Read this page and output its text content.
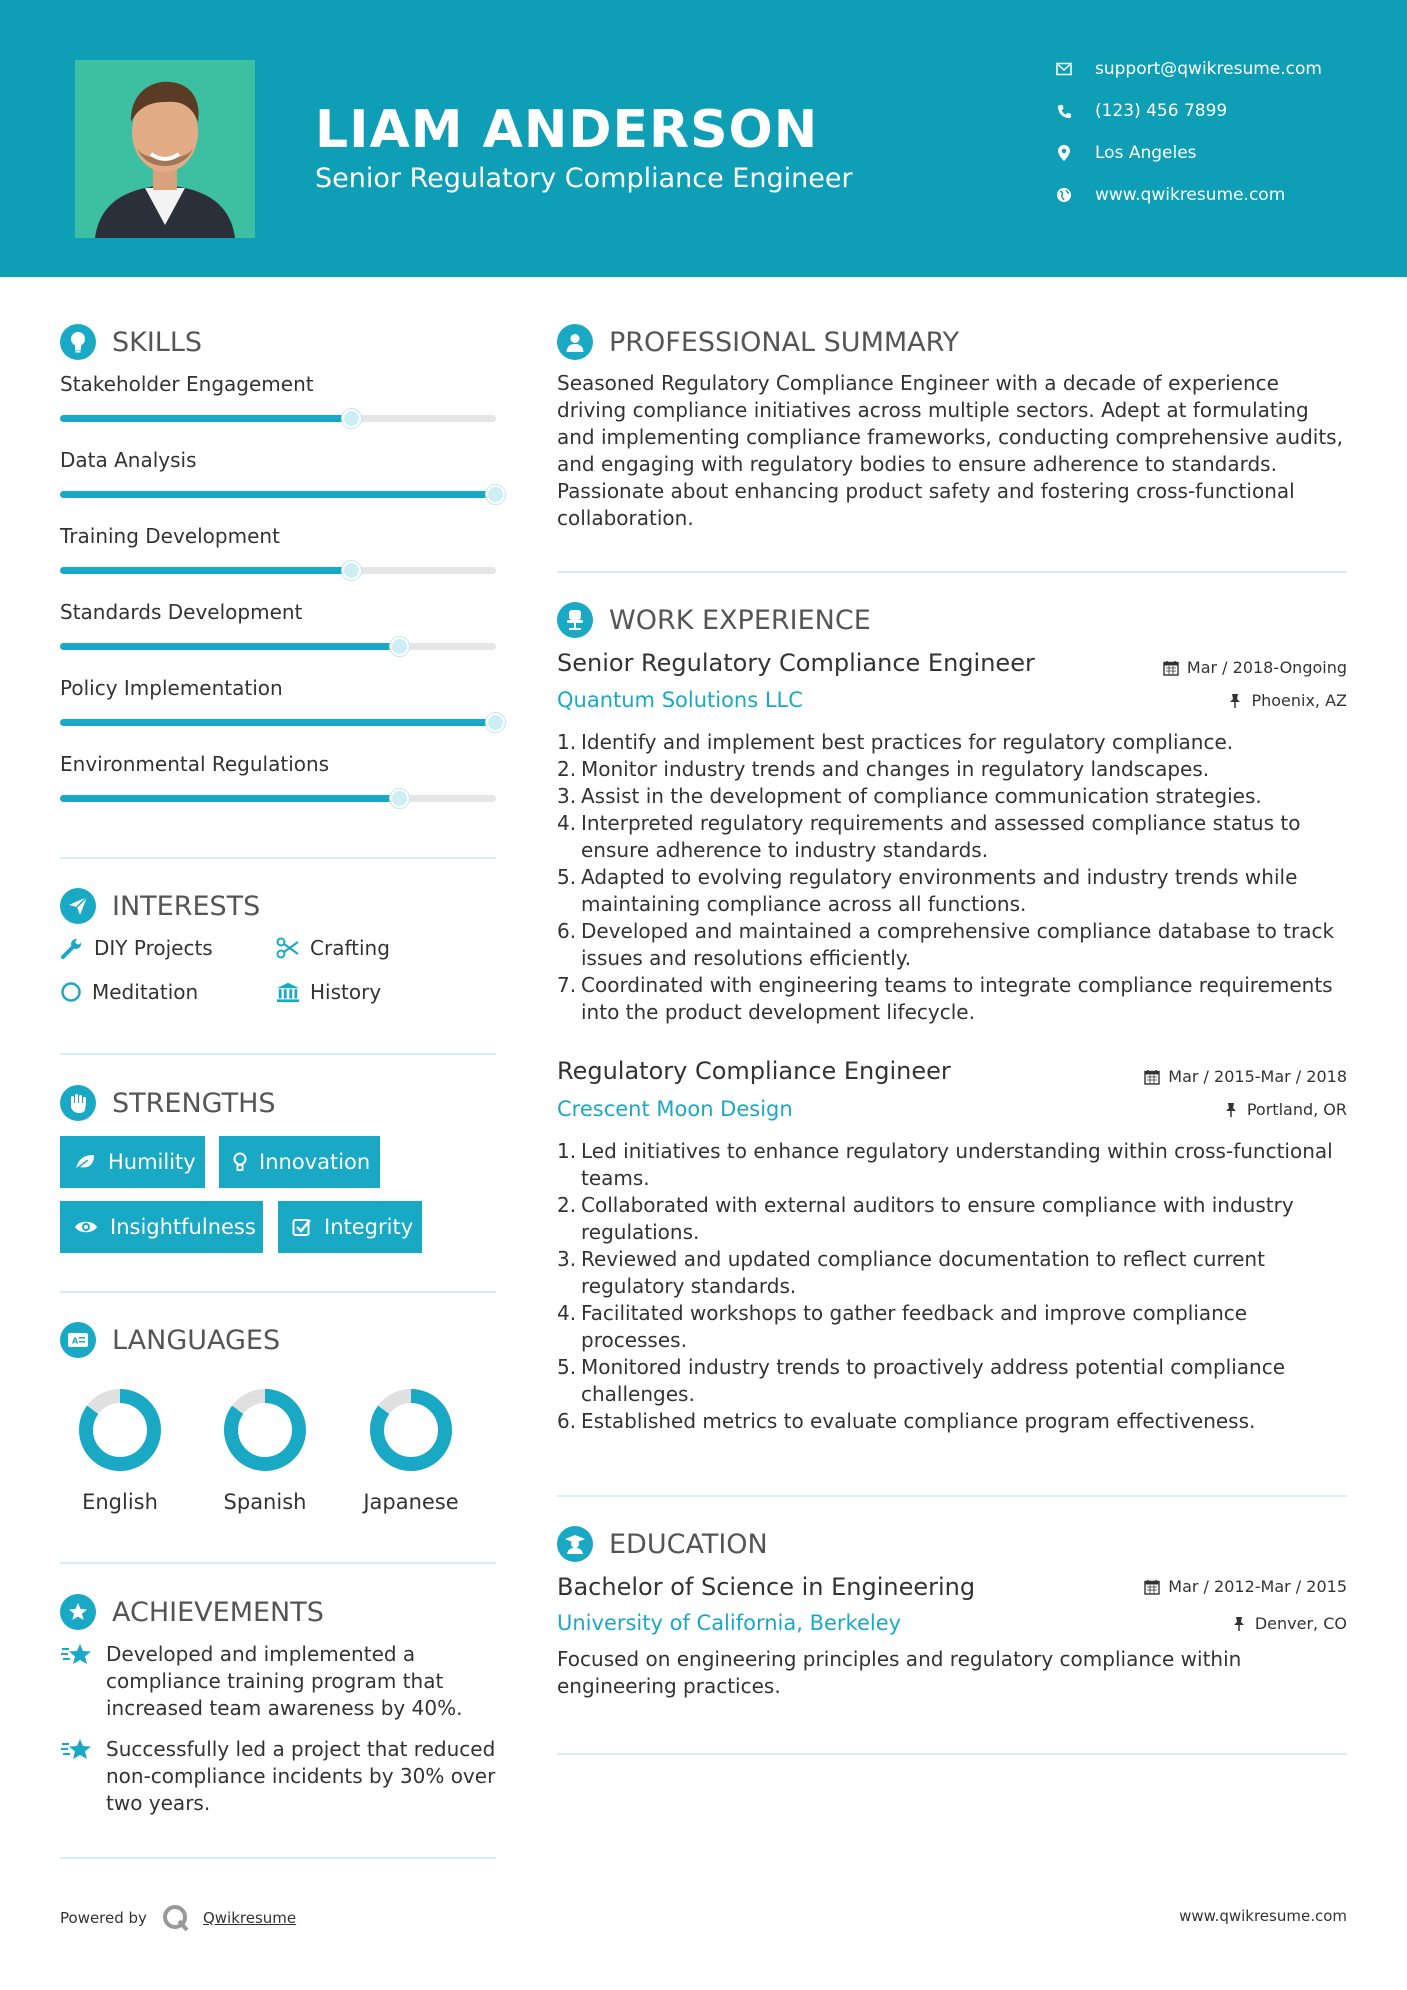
LIAM ANDERSON
Senior Regulatory Compliance Engineer
support@qwikresume.com
(123) 456 7899
Los Angeles
www.qwikresume.com
SKILLS
Stakeholder Engagement
Data Analysis
Training Development
Standards Development
Policy Implementation
Environmental Regulations
INTERESTS
DIY Projects	Crafting
Meditation	History
STRENGTHS
Humility	Innovation
Insightfulness	Integrity
A LANGUAGES
English	Spanish	Japanese
ACHIEVEMENTS
Developed and implemented a compliance training program that increased team awareness by 40%.
Successfully led a project that reduced non-compliance incidents by 30% over two years.
PROFESSIONAL SUMMARY
Seasoned Regulatory Compliance Engineer with a decade of experience driving compliance initiatives across multiple sectors. Adept at formulating and implementing compliance frameworks, conducting comprehensive audits, and engaging with regulatory bodies to ensure adherence to standards. Passionate about enhancing product safety and fostering cross-functional collaboration.
WORK EXPERIENCE
Senior Regulatory Compliance Engineer	Mar / 2018-Ongoing
Quantum Solutions LLC	Phoenix, AZ
1. Identify and implement best practices for regulatory compliance.
2. Monitor industry trends and changes in regulatory landscapes.
3. Assist in the development of compliance communication strategies.
4. Interpreted regulatory requirements and assessed compliance status to ensure adherence to industry standards.
5. Adapted to evolving regulatory environments and industry trends while maintaining compliance across all functions.
6. Developed and maintained a comprehensive compliance database to track issues and resolutions efficiently.
7. Coordinated with engineering teams to integrate compliance requirements into the product development lifecycle.
Regulatory Compliance Engineer	Mar / 2015-Mar / 2018
Crescent Moon Design	Portland, OR
1. Led initiatives to enhance regulatory understanding within cross-functional teams.
2. Collaborated with external auditors to ensure compliance with industry regulations.
3. Reviewed and updated compliance documentation to reflect current regulatory standards.
4. Facilitated workshops to gather feedback and improve compliance processes.
5. Monitored industry trends to proactively address potential compliance challenges.
6. Established metrics to evaluate compliance program effectiveness.
EDUCATION
Bachelor of Science in Engineering	Mar / 2012-Mar / 2015
University of California, Berkeley	Denver, CO
Focused on engineering principles and regulatory compliance within engineering practices.
Powered by	Qwikresume	www.qwikresume.com
